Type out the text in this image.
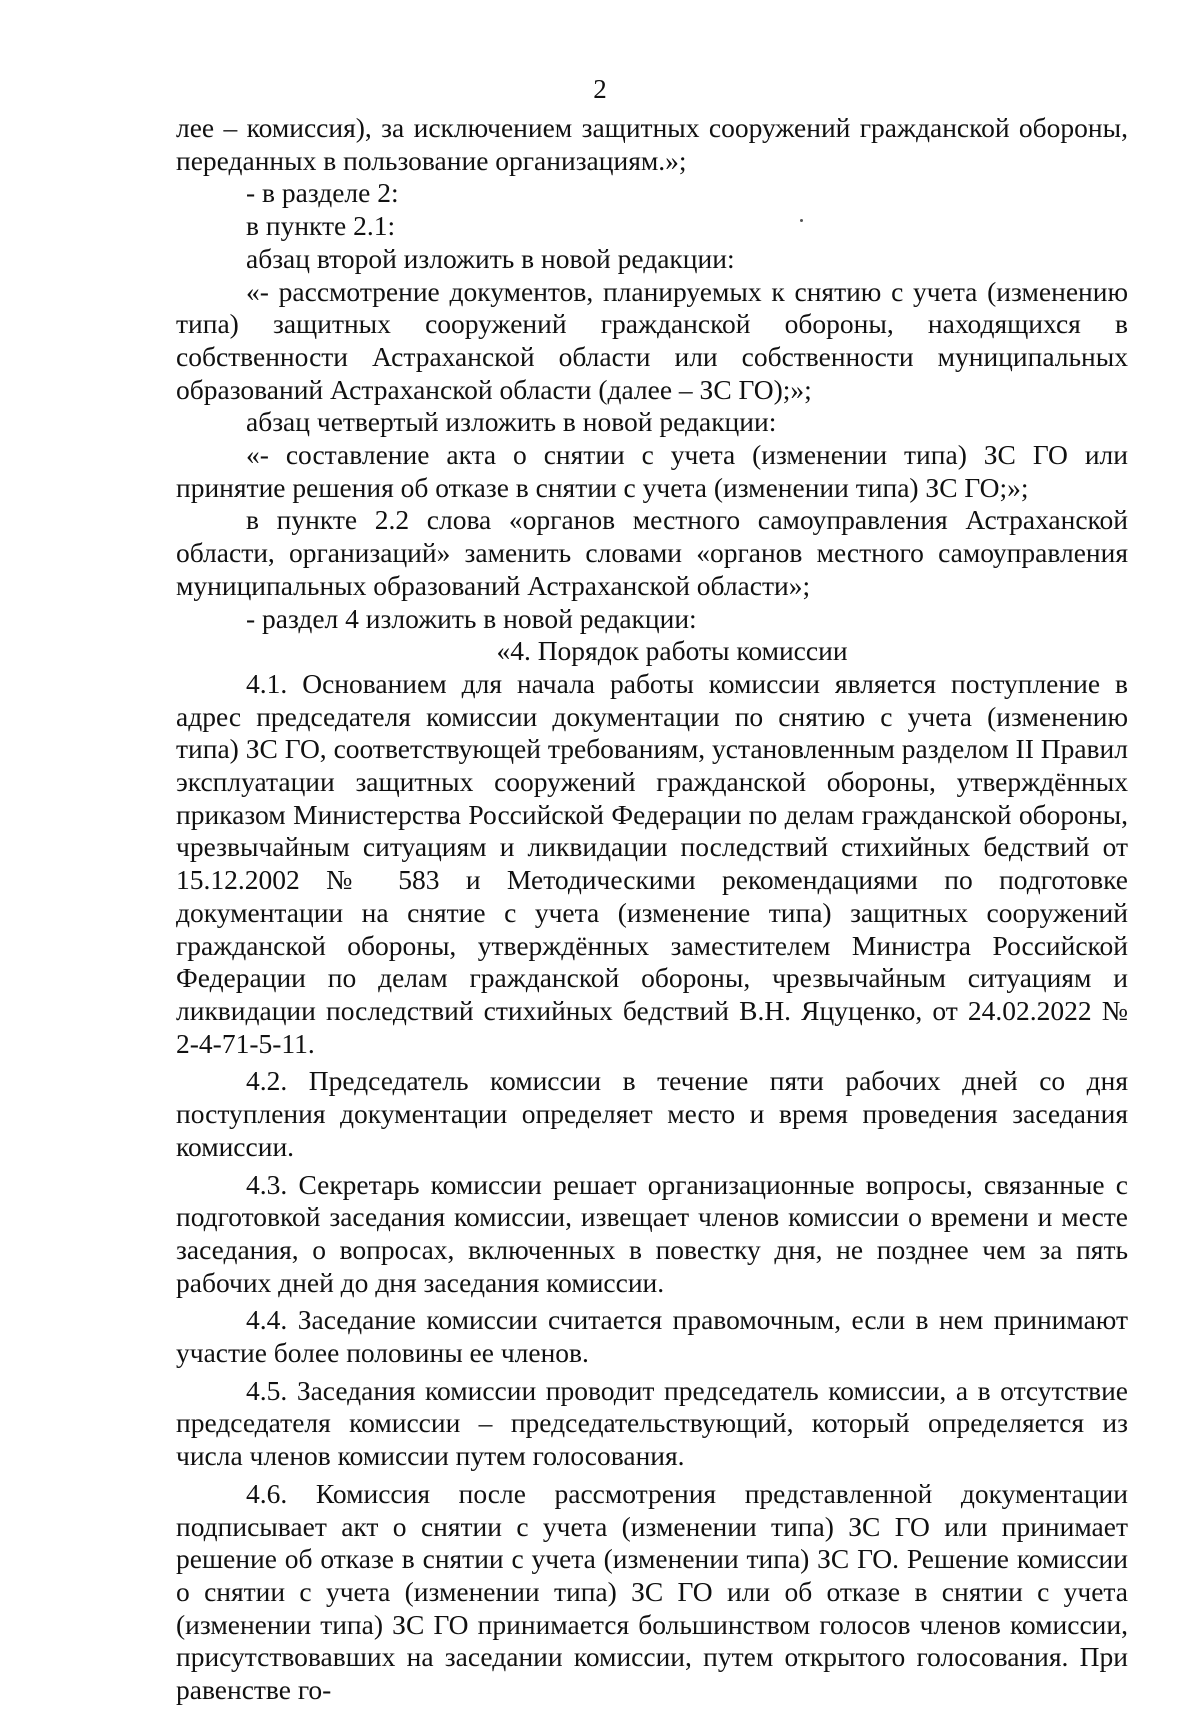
2

лее – комиссия), за исключением защитных сооружений гражданской обороны, переданных в пользование организациям.»;

- в разделе 2:

в пункте 2.1:

абзац второй изложить в новой редакции:

«- рассмотрение документов, планируемых к снятию с учета (изменению типа) защитных сооружений гражданской обороны, находящихся в собственности Астраханской области или собственности муниципальных образований Астраханской области (далее – ЗС ГО);»;

абзац четвертый изложить в новой редакции:

«- составление акта о снятии с учета (изменении типа) ЗС ГО или принятие решения об отказе в снятии с учета (изменении типа) ЗС ГО;»;

в пункте 2.2 слова «органов местного самоуправления Астраханской области, организаций» заменить словами «органов местного самоуправления муниципальных образований Астраханской области»;

- раздел 4 изложить в новой редакции:

«4. Порядок работы комиссии

4.1. Основанием для начала работы комиссии является поступление в адрес председателя комиссии документации по снятию с учета (изменению типа) ЗС ГО, соответствующей требованиям, установленным разделом II Правил эксплуатации защитных сооружений гражданской обороны, утверждённых приказом Министерства Российской Федерации по делам гражданской обороны, чрезвычайным ситуациям и ликвидации последствий стихийных бедствий от 15.12.2002 № 583 и Методическими рекомендациями по подготовке документации на снятие с учета (изменение типа) защитных сооружений гражданской обороны, утверждённых заместителем Министра Российской Федерации по делам гражданской обороны, чрезвычайным ситуациям и ликвидации последствий стихийных бедствий В.Н. Яцуценко, от 24.02.2022 № 2-4-71-5-11.

4.2. Председатель комиссии в течение пяти рабочих дней со дня поступления документации определяет место и время проведения заседания комиссии.

4.3. Секретарь комиссии решает организационные вопросы, связанные с подготовкой заседания комиссии, извещает членов комиссии о времени и месте заседания, о вопросах, включенных в повестку дня, не позднее чем за пять рабочих дней до дня заседания комиссии.

4.4. Заседание комиссии считается правомочным, если в нем принимают участие более половины ее членов.

4.5. Заседания комиссии проводит председатель комиссии, а в отсутствие председателя комиссии – председательствующий, который определяется из числа членов комиссии путем голосования.

4.6. Комиссия после рассмотрения представленной документации подписывает акт о снятии с учета (изменении типа) ЗС ГО или принимает решение об отказе в снятии с учета (изменении типа) ЗС ГО. Решение комиссии о снятии с учета (изменении типа) ЗС ГО или об отказе в снятии с учета (изменении типа) ЗС ГО принимается большинством голосов членов комиссии, присутствовавших на заседании комиссии, путем открытого голосования. При равенстве го-
